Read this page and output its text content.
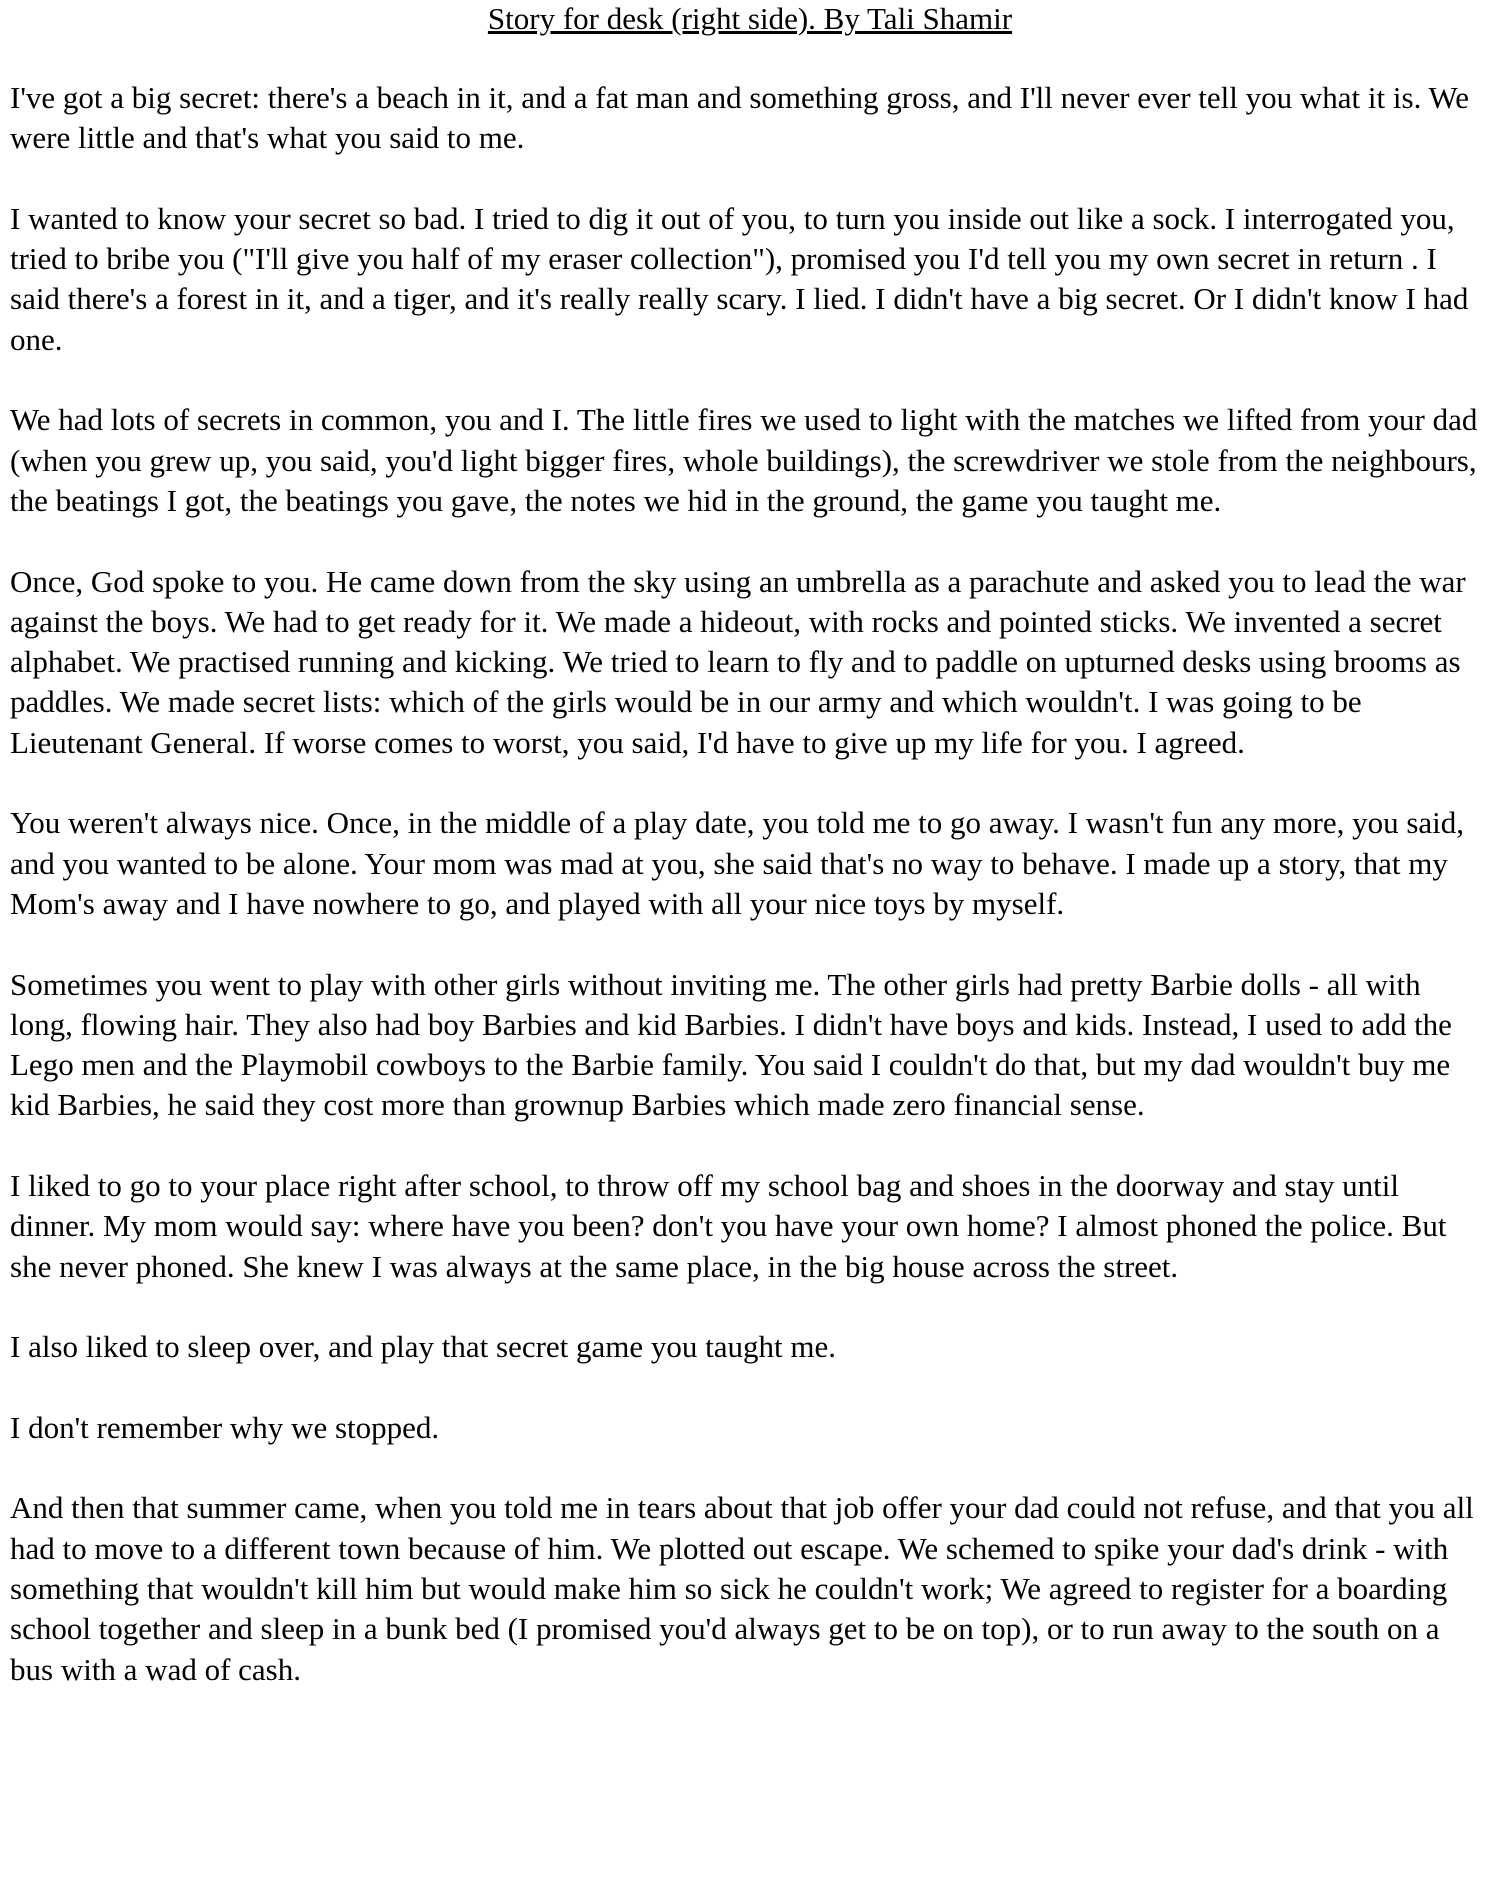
Story for desk (right side). By Tali Shamir

I've got a big secret: there's a beach in it, and a fat man and something gross, and I'll never ever tell you what it is. We were little and that's what you said to me.

I wanted to know your secret so bad. I tried to dig it out of you, to turn you inside out like a sock. I interrogated you, tried to bribe you ("I'll give you half of my eraser collection"), promised you I'd tell you my own secret in return . I said there's a forest in it, and a tiger, and it's really really scary. I lied. I didn't have a big secret. Or I didn't know I had one.

We had lots of secrets in common, you and I. The little fires we used to light with the matches we lifted from your dad (when you grew up, you said, you'd light bigger fires, whole buildings), the screwdriver we stole from the neighbours, the beatings I got, the beatings you gave, the notes we hid in the ground, the game you taught me.

Once, God spoke to you. He came down from the sky using an umbrella as a parachute and asked you to lead the war against the boys. We had to get ready for it. We made a hideout, with rocks and pointed sticks. We invented a secret alphabet. We practised running and kicking. We tried to learn to fly and to paddle on upturned desks using brooms as paddles. We made secret lists: which of the girls would be in our army and which wouldn't. I was going to be Lieutenant General. If worse comes to worst, you said, I'd have to give up my life for you. I agreed.

You weren't always nice. Once, in the middle of a play date, you told me to go away. I wasn't fun any more, you said, and you wanted to be alone. Your mom was mad at you, she said that's no way to behave. I made up a story, that my Mom's away and I have nowhere to go, and played with all your nice toys by myself.

Sometimes you went to play with other girls without inviting me. The other girls had pretty Barbie dolls - all with long, flowing hair. They also had boy Barbies and kid Barbies. I didn't have boys and kids. Instead, I used to add the Lego men and the Playmobil cowboys to the Barbie family. You said I couldn't do that, but my dad wouldn't buy me kid Barbies, he said they cost more than grownup Barbies which made zero financial sense.

I liked to go to your place right after school, to throw off my school bag and shoes in the doorway and stay until dinner. My mom would say: where have you been? don't you have your own home? I almost phoned the police. But she never phoned. She knew I was always at the same place, in the big house across the street.

I also liked to sleep over, and play that secret game you taught me.

I don't remember why we stopped.

And then that summer came, when you told me in tears about that job offer your dad could not refuse, and that you all had to move to a different town because of him. We plotted out escape. We schemed to spike your dad's drink - with something that wouldn't kill him but would make him so sick he couldn't work; We agreed to register for a boarding school together and sleep in a bunk bed (I promised you'd always get to be on top), or to run away to the south on a bus with a wad of cash.
